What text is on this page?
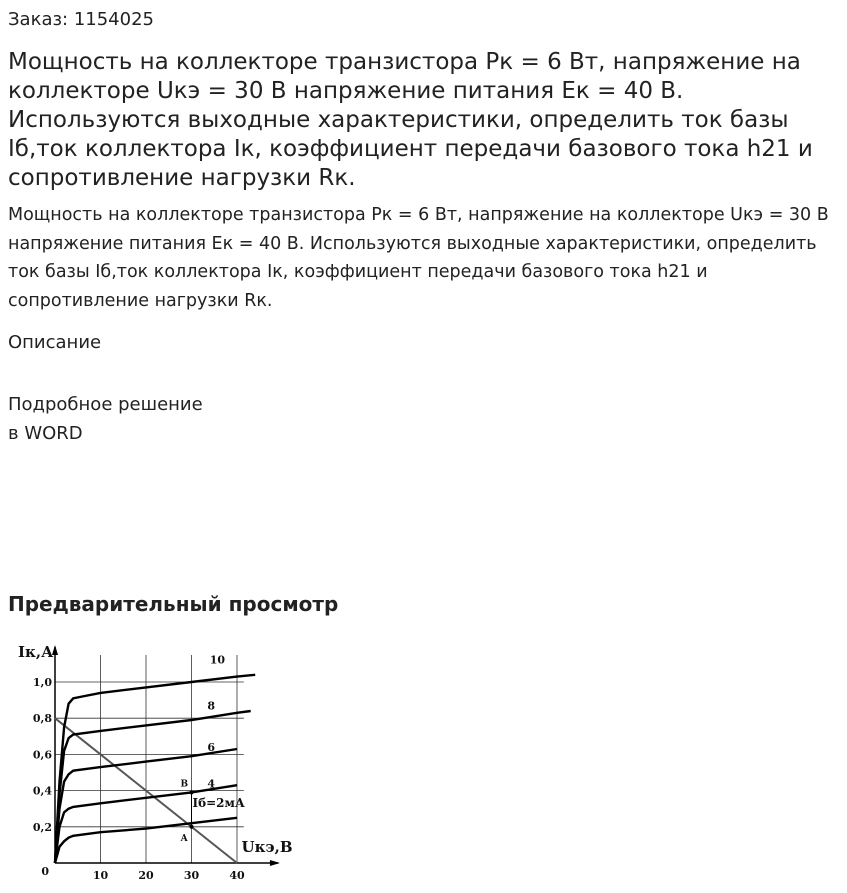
Заказ: 1154025
Мощность на коллекторе транзистора Pк = 6 Вт, напряжение на коллекторе Uкэ = 30 В напряжение питания Eк = 40 В. Используются выходные характеристики, определить ток базы Iб,ток коллектора Iк, коэффициент передачи базового тока h21 и сопротивление нагрузки Rк.
Мощность на коллекторе транзистора Pк = 6 Вт, напряжение на коллекторе Uкэ = 30 В напряжение питания Eк = 40 В. Используются выходные характеристики, определить ток базы Iб,ток коллектора Iк, коэффициент передачи базового тока h21 и сопротивление нагрузки Rк.
Описание
Подробное решение
в WORD
Предварительный просмотр
10	20	30	40
0
0,2
0,4
0,6
0,8
1,0
10
8
6
4
Iк,А
Uкэ,В
А
В
Iб=2мА
